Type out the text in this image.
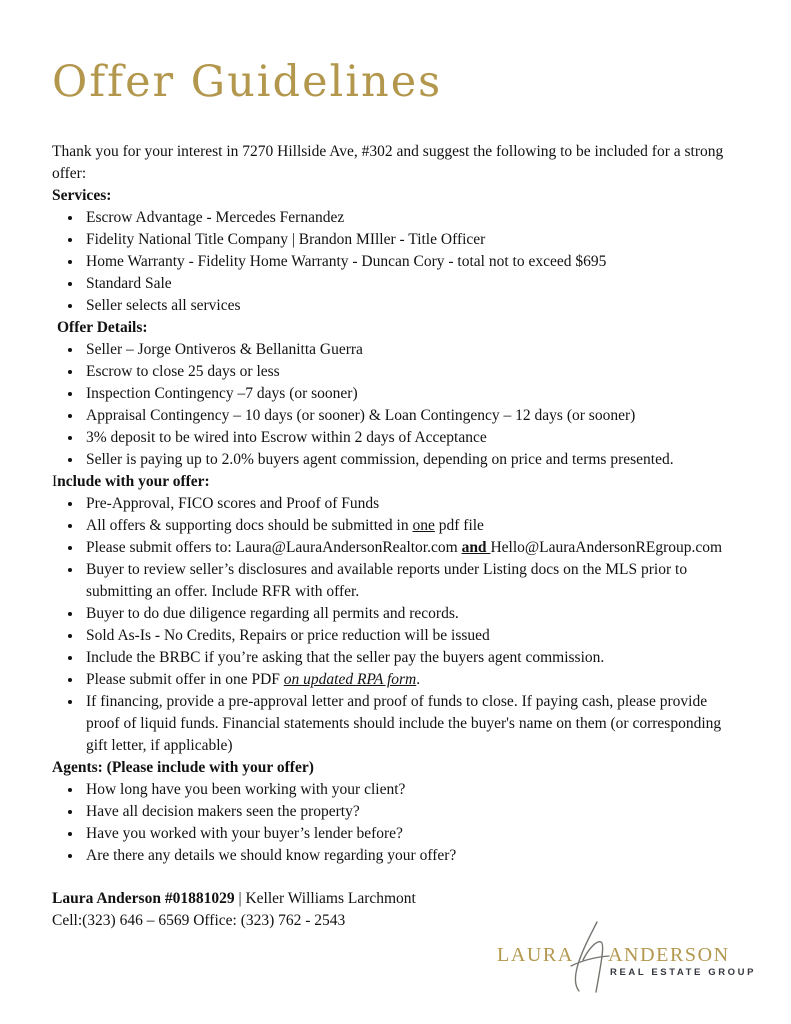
Offer Guidelines

Thank you for your interest in 7270 Hillside Ave, #302 and suggest the following to be included for a strong offer:

Services:
• Escrow Advantage - Mercedes Fernandez
• Fidelity National Title Company | Brandon MIller - Title Officer
• Home Warranty - Fidelity Home Warranty - Duncan Cory - total not to exceed $695
• Standard Sale
• Seller selects all services
Offer Details:
• Seller – Jorge Ontiveros & Bellanitta Guerra
• Escrow to close 25 days or less
• Inspection Contingency –7 days (or sooner)
• Appraisal Contingency – 10 days (or sooner) & Loan Contingency – 12 days (or sooner)
• 3% deposit to be wired into Escrow within 2 days of Acceptance
• Seller is paying up to 2.0% buyers agent commission, depending on price and terms presented.
Include with your offer:
• Pre-Approval, FICO scores and Proof of Funds
• All offers & supporting docs should be submitted in one pdf file
• Please submit offers to: Laura@LauraAndersonRealtor.com and Hello@LauraAndersonREgroup.com
• Buyer to review seller’s disclosures and available reports under Listing docs on the MLS prior to submitting an offer. Include RFR with offer.
• Buyer to do due diligence regarding all permits and records.
• Sold As-Is - No Credits, Repairs or price reduction will be issued
• Include the BRBC if you’re asking that the seller pay the buyers agent commission.
• Please submit offer in one PDF on updated RPA form.
• If financing, provide a pre-approval letter and proof of funds to close. If paying cash, please provide proof of liquid funds. Financial statements should include the buyer's name on them (or corresponding gift letter, if applicable)
Agents: (Please include with your offer)
• How long have you been working with your client?
• Have all decision makers seen the property?
• Have you worked with your buyer’s lender before?
• Are there any details we should know regarding your offer?

Laura Anderson #01881029 | Keller Williams Larchmont

Cell:(323) 646 – 6569 Office: (323) 762 - 2543

LAURA ANDERSON
REAL ESTATE GROUP
